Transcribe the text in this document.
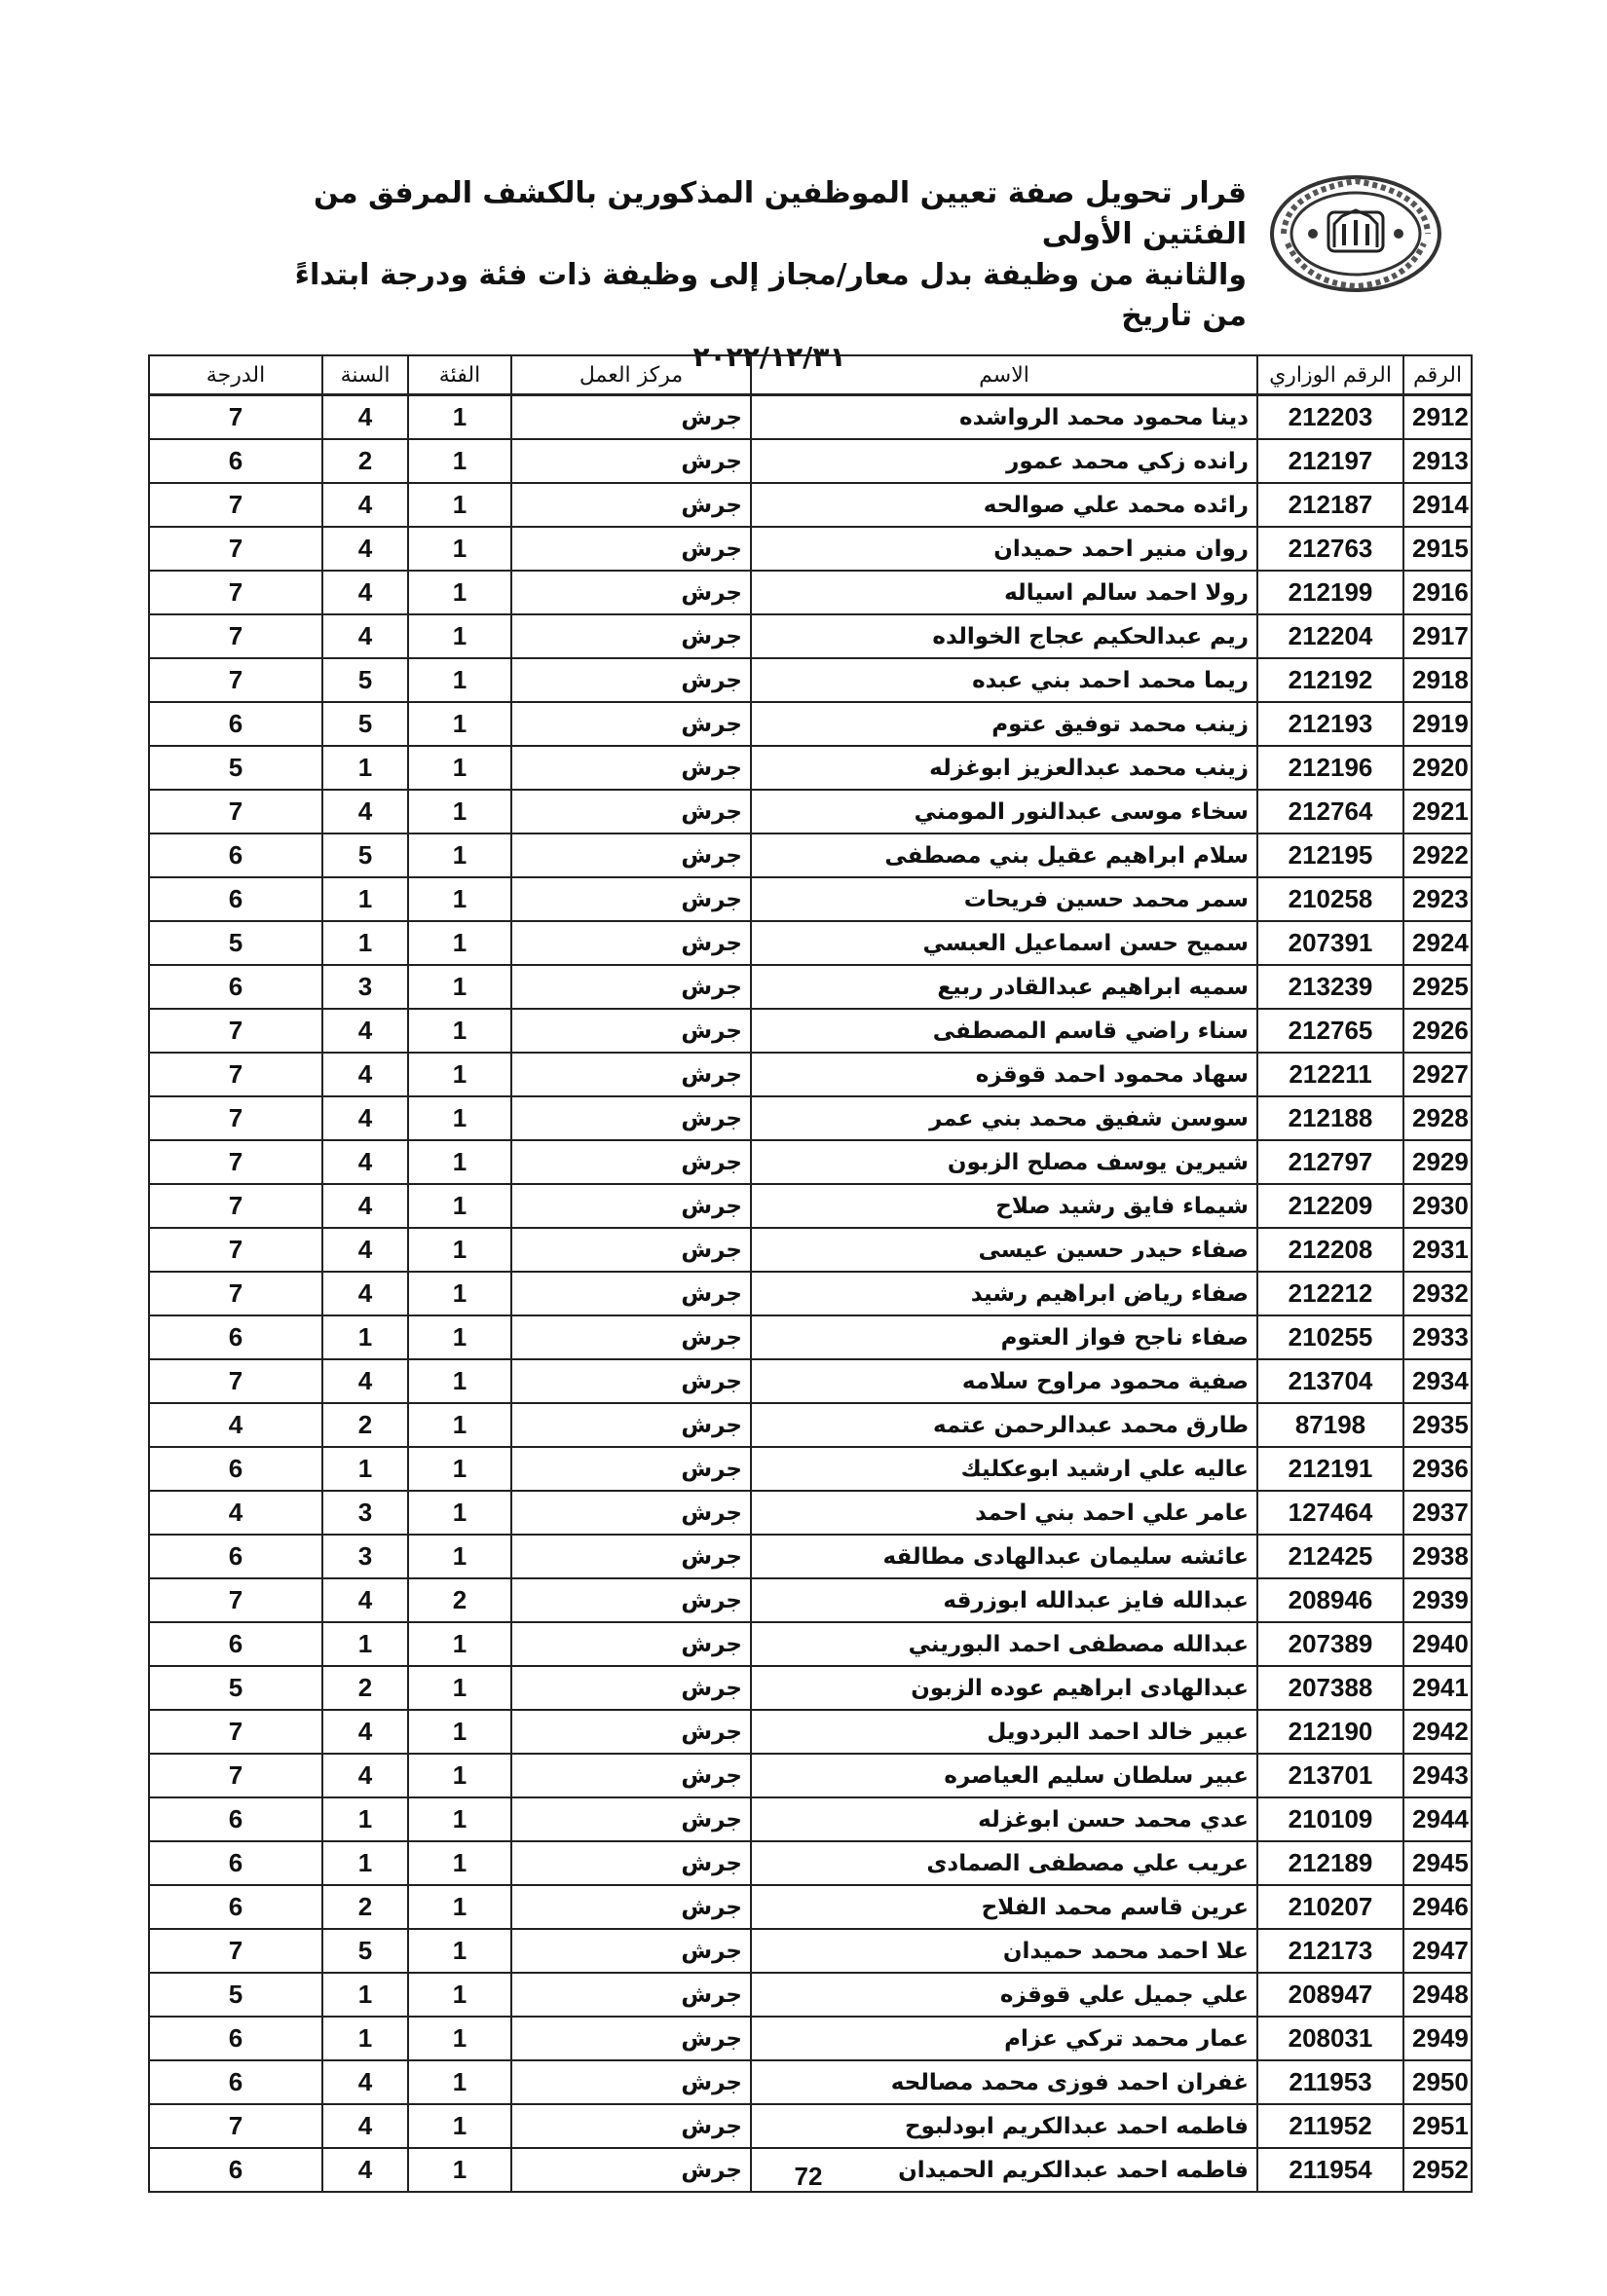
قرار تحويل صفة تعيين الموظفين المذكورين بالكشف المرفق من الفئتين الأولى
والثانية من وظيفة بدل معار/مجاز إلى وظيفة ذات فئة ودرجة ابتداءً من تاريخ
٢٠٢٢/١٢/٣١
الرقم	الرقم الوزاري	الاسم	مركز العمل	الفئة	السنة	الدرجة
2912	212203	دينا محمود محمد الرواشده	جرش	1	4	7
2913	212197	رانده زكي محمد عمور	جرش	1	2	6
2914	212187	رائده محمد علي صوالحه	جرش	1	4	7
2915	212763	روان منير احمد حميدان	جرش	1	4	7
2916	212199	رولا احمد سالم اسياله	جرش	1	4	7
2917	212204	ريم عبدالحكيم عجاج الخوالده	جرش	1	4	7
2918	212192	ريما محمد احمد بني عبده	جرش	1	5	7
2919	212193	زينب محمد توفيق عتوم	جرش	1	5	6
2920	212196	زينب محمد عبدالعزيز ابوغزله	جرش	1	1	5
2921	212764	سخاء موسى عبدالنور المومني	جرش	1	4	7
2922	212195	سلام ابراهيم عقيل بني مصطفى	جرش	1	5	6
2923	210258	سمر محمد حسين فريحات	جرش	1	1	6
2924	207391	سميح حسن اسماعيل العبسي	جرش	1	1	5
2925	213239	سميه ابراهيم عبدالقادر ربيع	جرش	1	3	6
2926	212765	سناء راضي قاسم المصطفى	جرش	1	4	7
2927	212211	سهاد محمود احمد قوقزه	جرش	1	4	7
2928	212188	سوسن شفيق محمد بني عمر	جرش	1	4	7
2929	212797	شيرين يوسف مصلح الزبون	جرش	1	4	7
2930	212209	شيماء فايق رشيد صلاح	جرش	1	4	7
2931	212208	صفاء حيدر حسين عيسى	جرش	1	4	7
2932	212212	صفاء رياض ابراهيم رشيد	جرش	1	4	7
2933	210255	صفاء ناجح فواز العتوم	جرش	1	1	6
2934	213704	صفية محمود مراوح سلامه	جرش	1	4	7
2935	87198	طارق محمد عبدالرحمن عتمه	جرش	1	2	4
2936	212191	عاليه علي ارشيد ابوعكليك	جرش	1	1	6
2937	127464	عامر علي احمد بني احمد	جرش	1	3	4
2938	212425	عائشه سليمان عبدالهادى مطالقه	جرش	1	3	6
2939	208946	عبدالله فايز عبدالله ابوزرقه	جرش	2	4	7
2940	207389	عبدالله مصطفى احمد البوريني	جرش	1	1	6
2941	207388	عبدالهادى ابراهيم عوده الزبون	جرش	1	2	5
2942	212190	عبير خالد احمد البردويل	جرش	1	4	7
2943	213701	عبير سلطان سليم العياصره	جرش	1	4	7
2944	210109	عدي محمد حسن ابوغزله	جرش	1	1	6
2945	212189	عريب علي مصطفى الصمادى	جرش	1	1	6
2946	210207	عرين قاسم محمد الفلاح	جرش	1	2	6
2947	212173	علا احمد محمد حميدان	جرش	1	5	7
2948	208947	علي جميل علي قوقزه	جرش	1	1	5
2949	208031	عمار محمد تركي عزام	جرش	1	1	6
2950	211953	غفران احمد فوزى محمد مصالحه	جرش	1	4	6
2951	211952	فاطمه احمد عبدالكريم ابودلبوح	جرش	1	4	7
2952	211954	فاطمه احمد عبدالكريم الحميدان	جرش	1	4	6	72
